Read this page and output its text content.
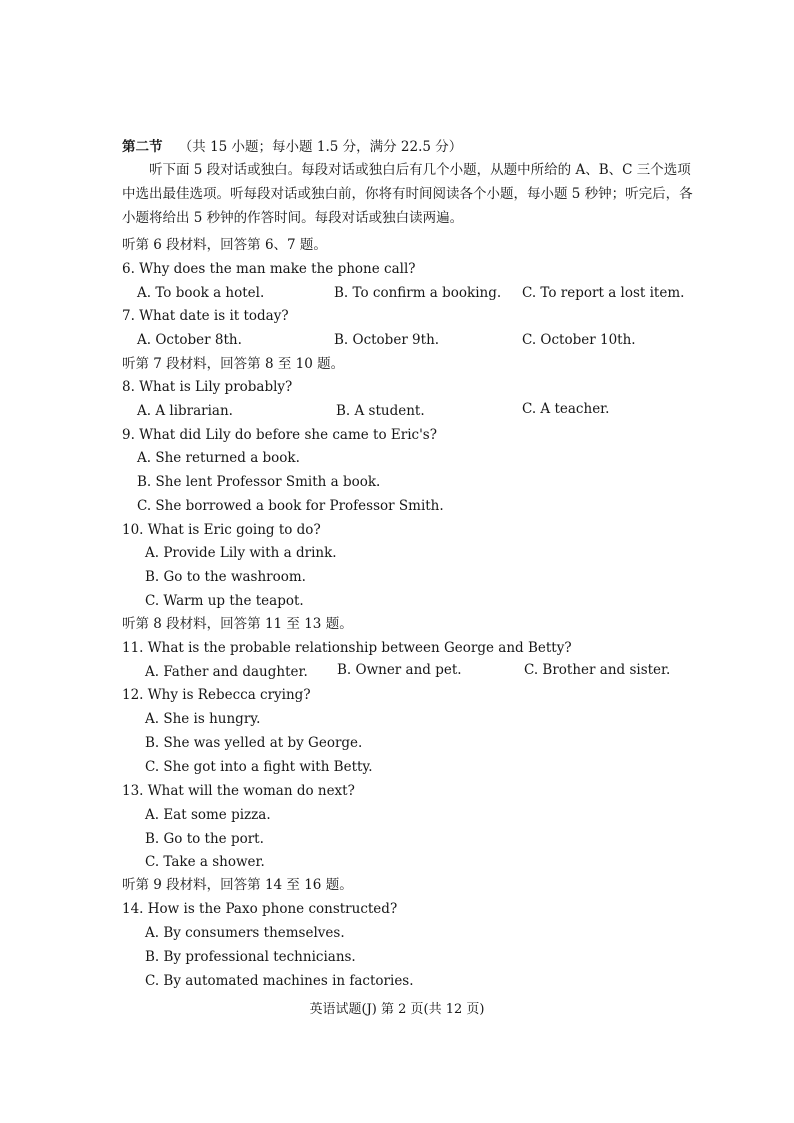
第二节 （共 15 小题；每小题 1.5 分，满分 22.5 分）
听下面 5 段对话或独白。每段对话或独白后有几个小题，从题中所给的 A、B、C 三个选项中选出最佳选项。听每段对话或独白前，你将有时间阅读各个小题，每小题 5 秒钟；听完后，各小题将给出 5 秒钟的作答时间。每段对话或独白读两遍。
听第 6 段材料，回答第 6、7 题。
6. Why does the man make the phone call?
A. To book a hotel.	B. To confirm a booking. C. To report a lost item.
7. What date is it today?
A. October 8th.	B. October 9th.	C. October 10th.
听第 7 段材料，回答第 8 至 10 题。
8. What is Lily probably?
A. A librarian.	B. A student.	C. A teacher.
9. What did Lily do before she came to Eric's?
A. She returned a book.
B. She lent Professor Smith a book.
C. She borrowed a book for Professor Smith.
10. What is Eric going to do?
A. Provide Lily with a drink.
B. Go to the washroom.
C. Warm up the teapot.
听第 8 段材料，回答第 11 至 13 题。
11. What is the probable relationship between George and Betty?
A. Father and daughter. B. Owner and pet.	C. Brother and sister.
12. Why is Rebecca crying?
A. She is hungry.
B. She was yelled at by George.
C. She got into a fight with Betty.
13. What will the woman do next?
A. Eat some pizza.
B. Go to the port.
C. Take a shower.
听第 9 段材料，回答第 14 至 16 题。
14. How is the Paxo phone constructed?
A. By consumers themselves.
B. By professional technicians.
C. By automated machines in factories.
英语试题(J) 第 2 页(共 12 页)
